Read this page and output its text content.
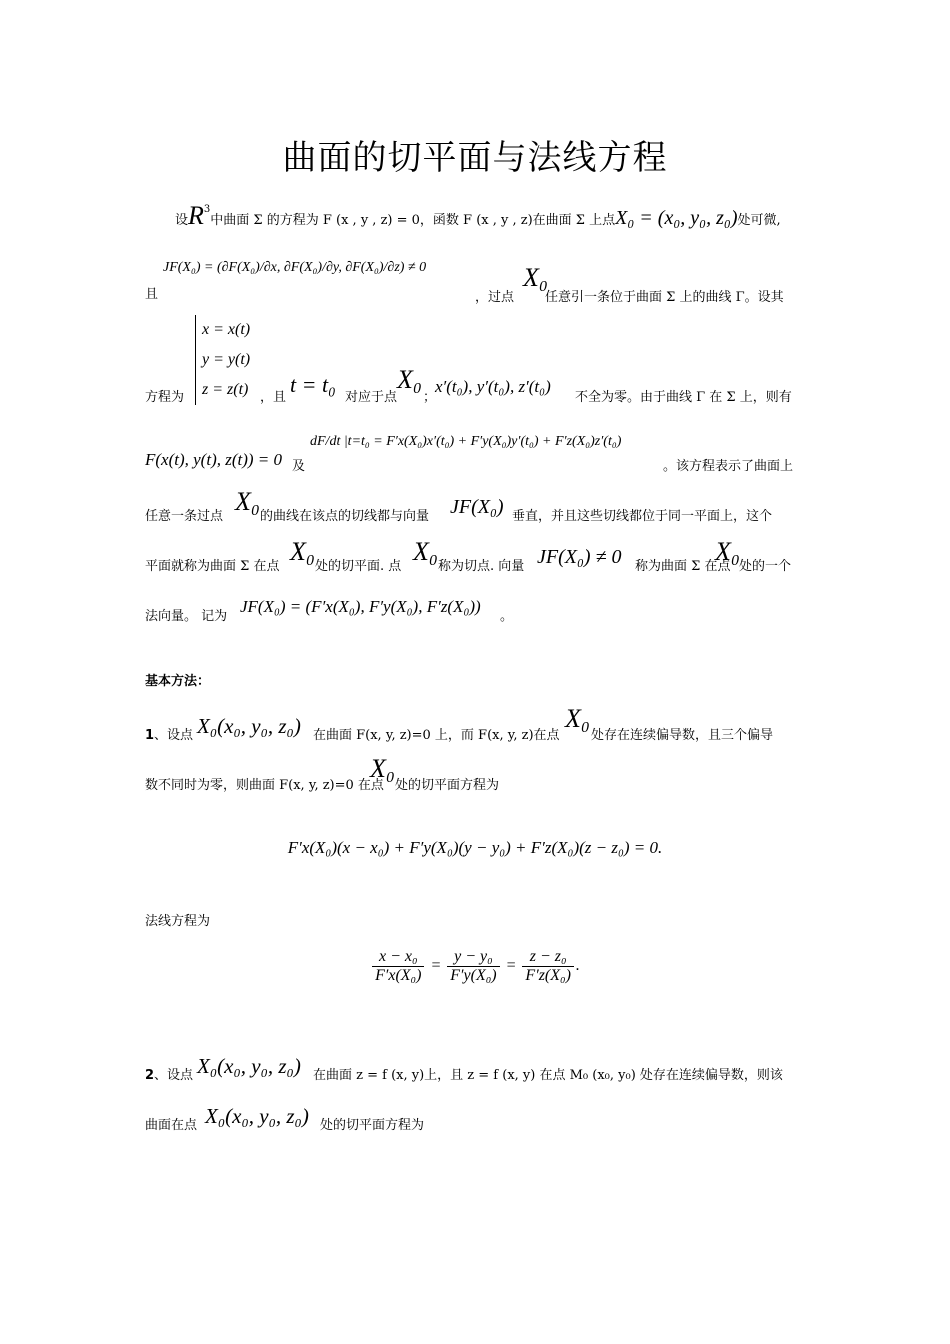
曲面的切平面与法线方程
设$R^3$中曲面 Σ 的方程为 F (x , y , z) = 0，函数 F (x , y , z)在曲面 Σ 上点X₀ = (x₀, y₀, z₀)处可微,
且
JF(X₀) = (∂F(X₀)/∂x, ∂F(X₀)/∂y, ∂F(X₀)/∂z) ≠ 0
，过点
X₀
任意引一条位于曲面 Σ 上的曲线 Γ。设其
x = x(t)
y = y(t)
z = z(t)
方程为	，且
t = t₀
对应于点
X₀
；
x′(t₀), y′(t₀), z′(t₀)
不全为零。由于曲线 Γ 在 Σ 上，则有
F(x(t), y(t), z(t)) = 0 及
dF/dt |t=t₀ = F′x(X₀)x′(t₀) + F′y(X₀)y′(t₀) + F′z(X₀)z′(t₀)
。该方程表示了曲面上
任意一条过点
X₀
的曲线在该点的切线都与向量 JF(X₀) 垂直，并且这些切线都位于同一平面上，这个
平面就称为曲面 Σ 在点
X₀
处的切平面. 点
X₀
称为切点. 向量 JF(X₀) ≠ 0 称为曲面 Σ 在点
X₀
处的一个
法向量。 记为
JF(X₀) = (F′x(X₀), F′y(X₀), F′z(X₀))
。
基本方法：
1 、设点 X₀(x₀, y₀, z₀) 在曲面 F(x, y, z)=0 上，而 F(x, y, z)在点
X₀
处存在连续偏导数，且三个偏导
数不同时为零，则曲面 F(x, y, z)=0 在点
X₀
处的切平面方程为
F′x(X₀)(x − x₀) + F′y(X₀)(y − y₀) + F′z(X₀)(z − z₀) = 0.
法线方程为
$\frac{\text{x − x₀}}{\text{F′x(X₀)}} = \frac{\text{y − y₀}}{\text{F′y(X₀)}} = \frac{\text{z − z₀}}{\text{F′z(X₀)}}$ .
2 、设点 X₀(x₀, y₀, z₀) 在曲面 z = f (x, y)上，且 z = f (x, y) 在点 M₀ (x₀, y₀) 处存在连续偏导数，则该
曲面在点 X₀(x₀, y₀, z₀) 处的切平面方程为
